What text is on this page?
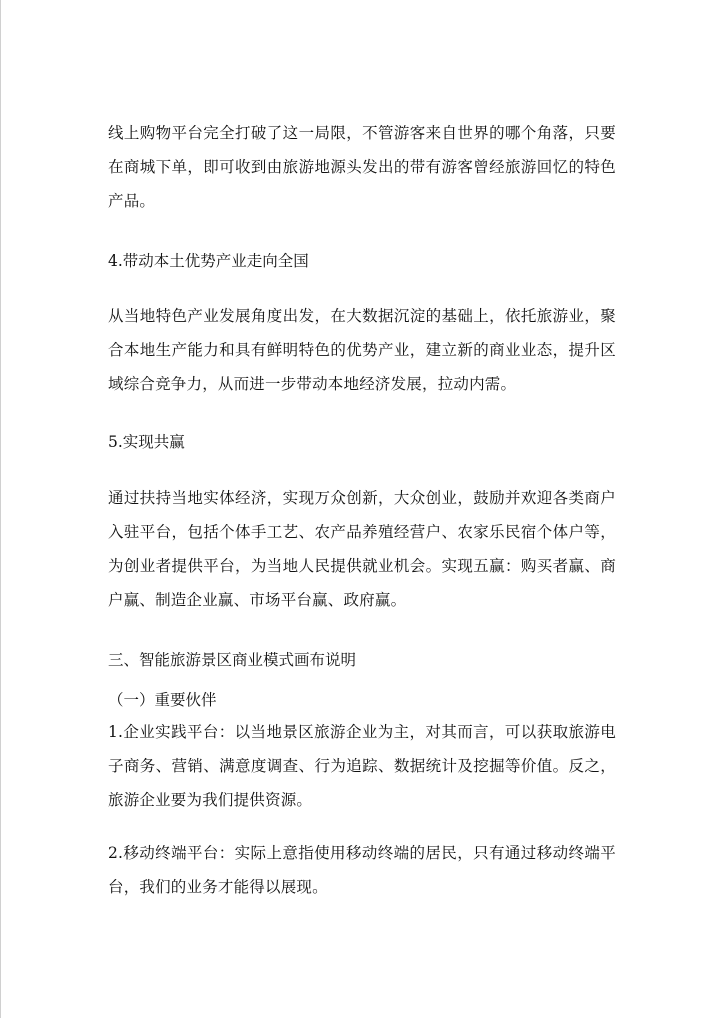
线上购物平台完全打破了这一局限，不管游客来自世界的哪个角落，只要在商城下单，即可收到由旅游地源头发出的带有游客曾经旅游回忆的特色产品。

4.带动本土优势产业走向全国

从当地特色产业发展角度出发，在大数据沉淀的基础上，依托旅游业，聚合本地生产能力和具有鲜明特色的优势产业，建立新的商业业态，提升区域综合竞争力，从而进一步带动本地经济发展，拉动内需。

5.实现共赢

通过扶持当地实体经济，实现万众创新，大众创业，鼓励并欢迎各类商户入驻平台，包括个体手工艺、农产品养殖经营户、农家乐民宿个体户等，为创业者提供平台，为当地人民提供就业机会。实现五赢：购买者赢、商户赢、制造企业赢、市场平台赢、政府赢。

三、智能旅游景区商业模式画布说明

（一）重要伙伴

1.企业实践平台：以当地景区旅游企业为主，对其而言，可以获取旅游电子商务、营销、满意度调查、行为追踪、数据统计及挖掘等价值。反之，旅游企业要为我们提供资源。

2.移动终端平台：实际上意指使用移动终端的居民，只有通过移动终端平台，我们的业务才能得以展现。
